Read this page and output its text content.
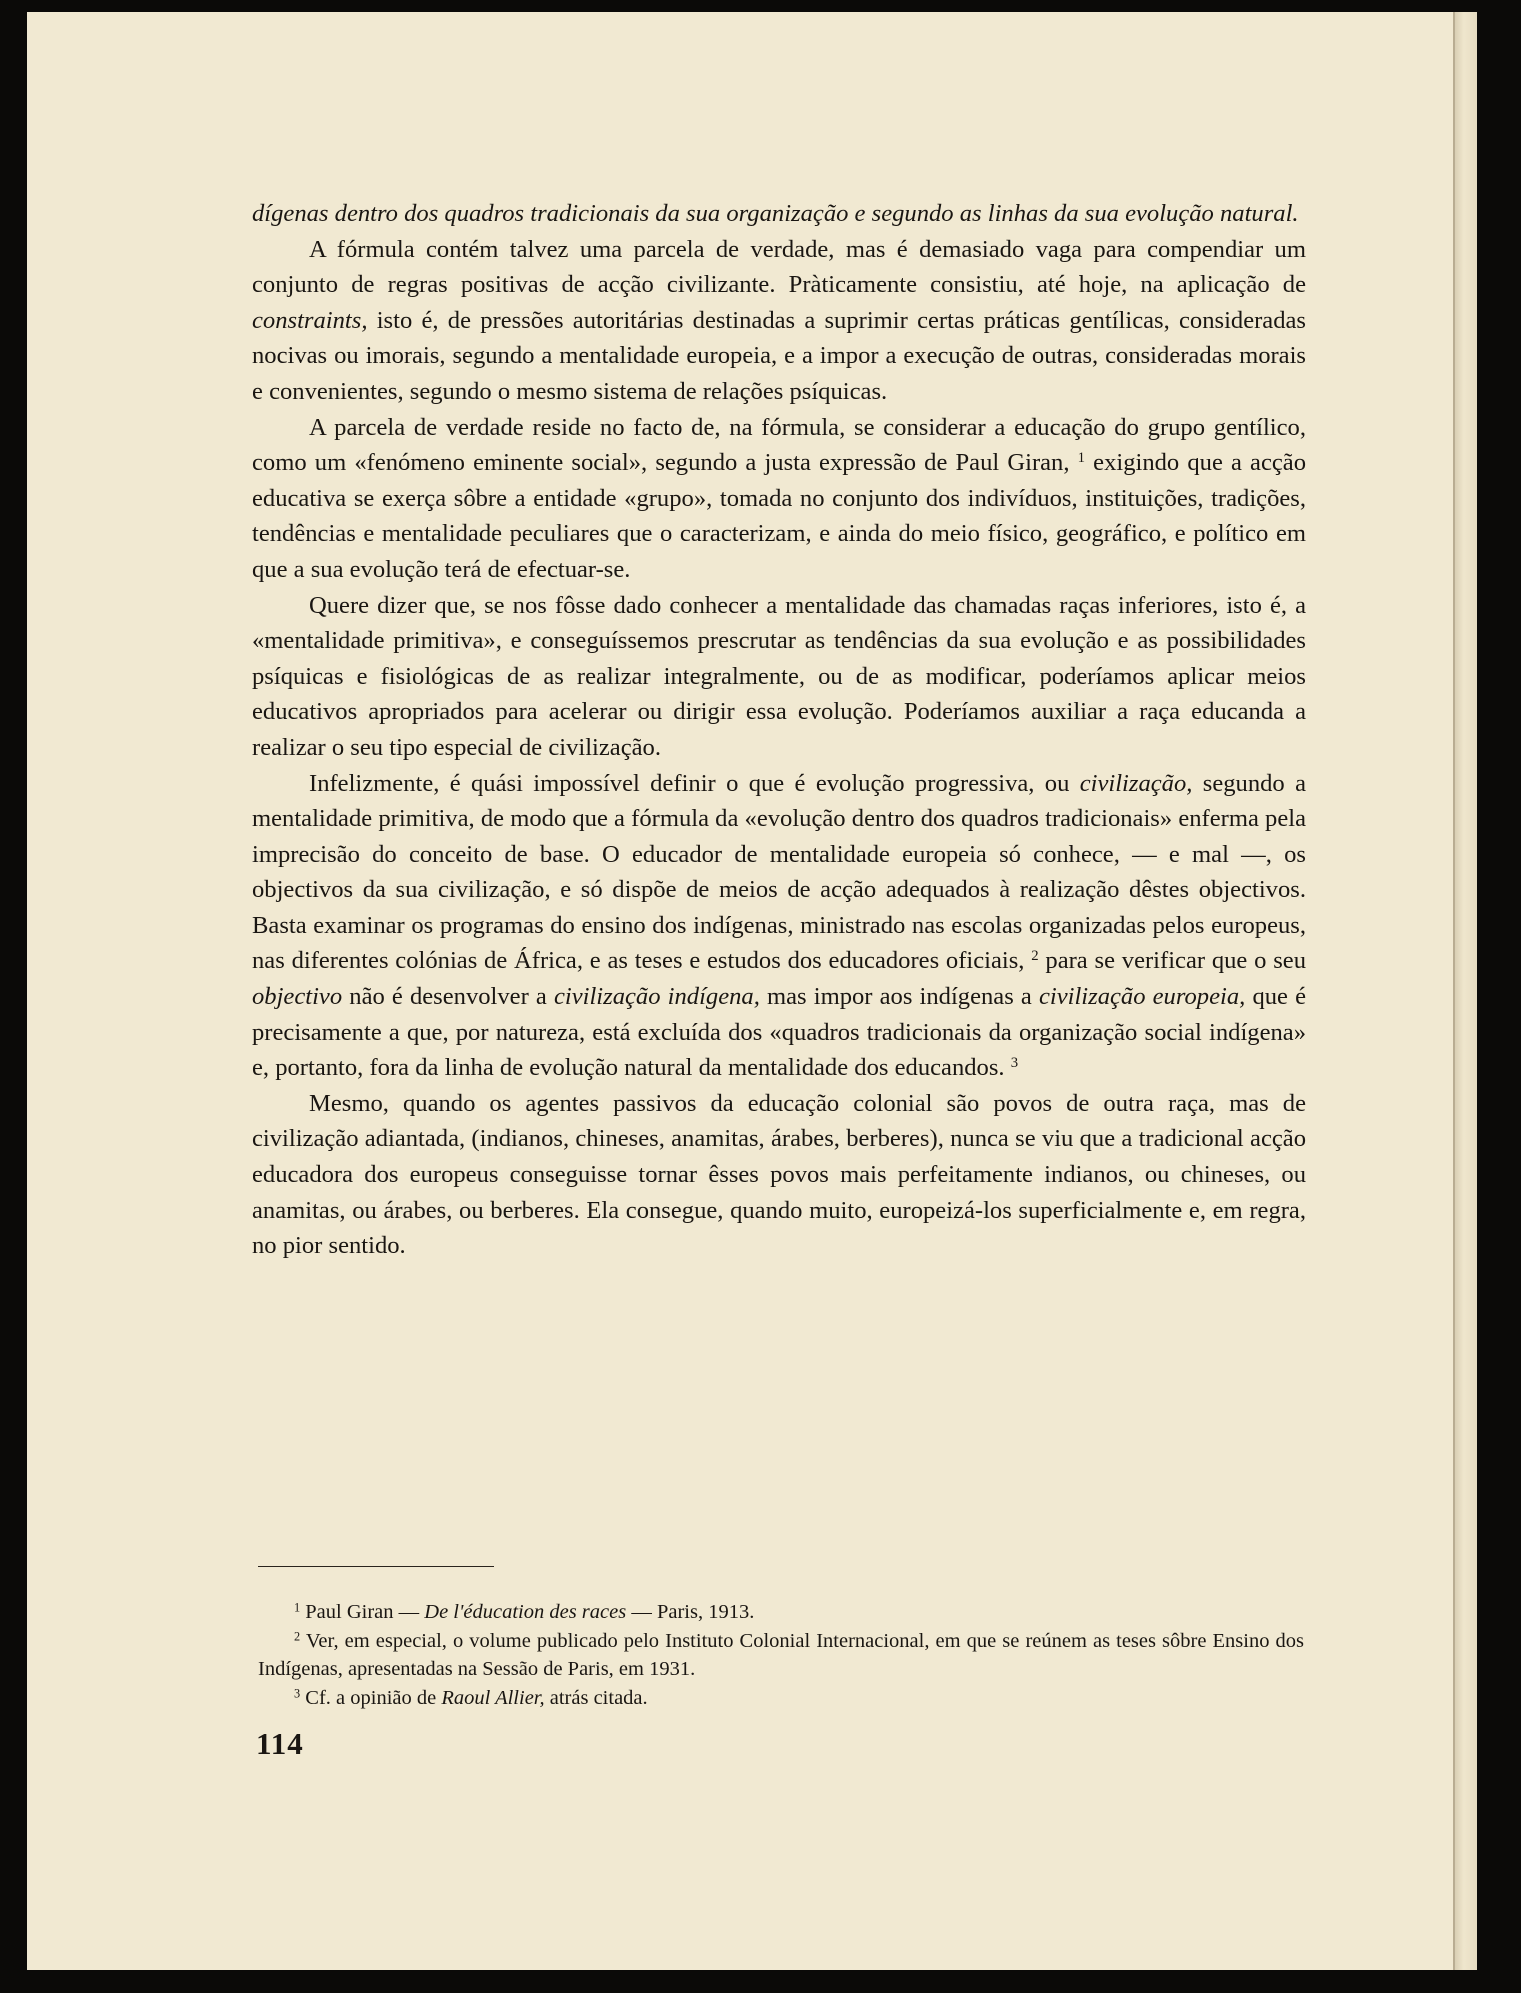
dígenas dentro dos quadros tradicionais da sua organização e segundo as linhas da sua evolução natural.

A fórmula contém talvez uma parcela de verdade, mas é demasiado vaga para compendiar um conjunto de regras positivas de acção civilizante. Pràticamente consistiu, até hoje, na aplicação de constraints, isto é, de pressões autoritárias destinadas a suprimir certas práticas gentílicas, consideradas nocivas ou imorais, segundo a mentalidade europeia, e a impor a execução de outras, consideradas morais e convenientes, segundo o mesmo sistema de relações psíquicas.

A parcela de verdade reside no facto de, na fórmula, se considerar a educação do grupo gentílico, como um «fenómeno eminente social», segundo a justa expressão de Paul Giran, $^1$ exigindo que a acção educativa se exerça sôbre a entidade «grupo», tomada no conjunto dos indivíduos, instituições, tradições, tendências e mentalidade peculiares que o caracterizam, e ainda do meio físico, geográfico, e político em que a sua evolução terá de efectuar-se.

Quere dizer que, se nos fôsse dado conhecer a mentalidade das chamadas raças inferiores, isto é, a «mentalidade primitiva», e conseguíssemos prescrutar as tendências da sua evolução e as possibilidades psíquicas e fisiológicas de as realizar integralmente, ou de as modificar, poderíamos aplicar meios educativos apropriados para acelerar ou dirigir essa evolução. Poderíamos auxiliar a raça educanda a realizar o seu tipo especial de civilização.

Infelizmente, é quási impossível definir o que é evolução progressiva, ou civilização, segundo a mentalidade primitiva, de modo que a fórmula da «evolução dentro dos quadros tradicionais» enferma pela imprecisão do conceito de base. O educador de mentalidade europeia só conhece, — e mal —, os objectivos da sua civilização, e só dispõe de meios de acção adequados à realização dêstes objectivos. Basta examinar os programas do ensino dos indígenas, ministrado nas escolas organizadas pelos europeus, nas diferentes colónias de África, e as teses e estudos dos educadores oficiais, $^2$ para se verificar que o seu objectivo não é desenvolver a civilização indígena, mas impor aos indígenas a civilização europeia, que é precisamente a que, por natureza, está excluída dos «quadros tradicionais da organização social indígena» e, portanto, fora da linha de evolução natural da mentalidade dos educandos. $^3$

Mesmo, quando os agentes passivos da educação colonial são povos de outra raça, mas de civilização adiantada, (indianos, chineses, anamitas, árabes, berberes), nunca se viu que a tradicional acção educadora dos europeus conseguisse tornar êsses povos mais perfeitamente indianos, ou chineses, ou anamitas, ou árabes, ou berberes. Ela consegue, quando muito, europeizá-los superficialmente e, em regra, no pior sentido.

$^1$ Paul Giran — De l'éducation des races — Paris, 1913.

$^2$ Ver, em especial, o volume publicado pelo Instituto Colonial Internacional, em que se reúnem as teses sôbre Ensino dos Indígenas, apresentadas na Sessão de Paris, em 1931.

$^3$ Cf. a opinião de Raoul Allier, atrás citada.

114
